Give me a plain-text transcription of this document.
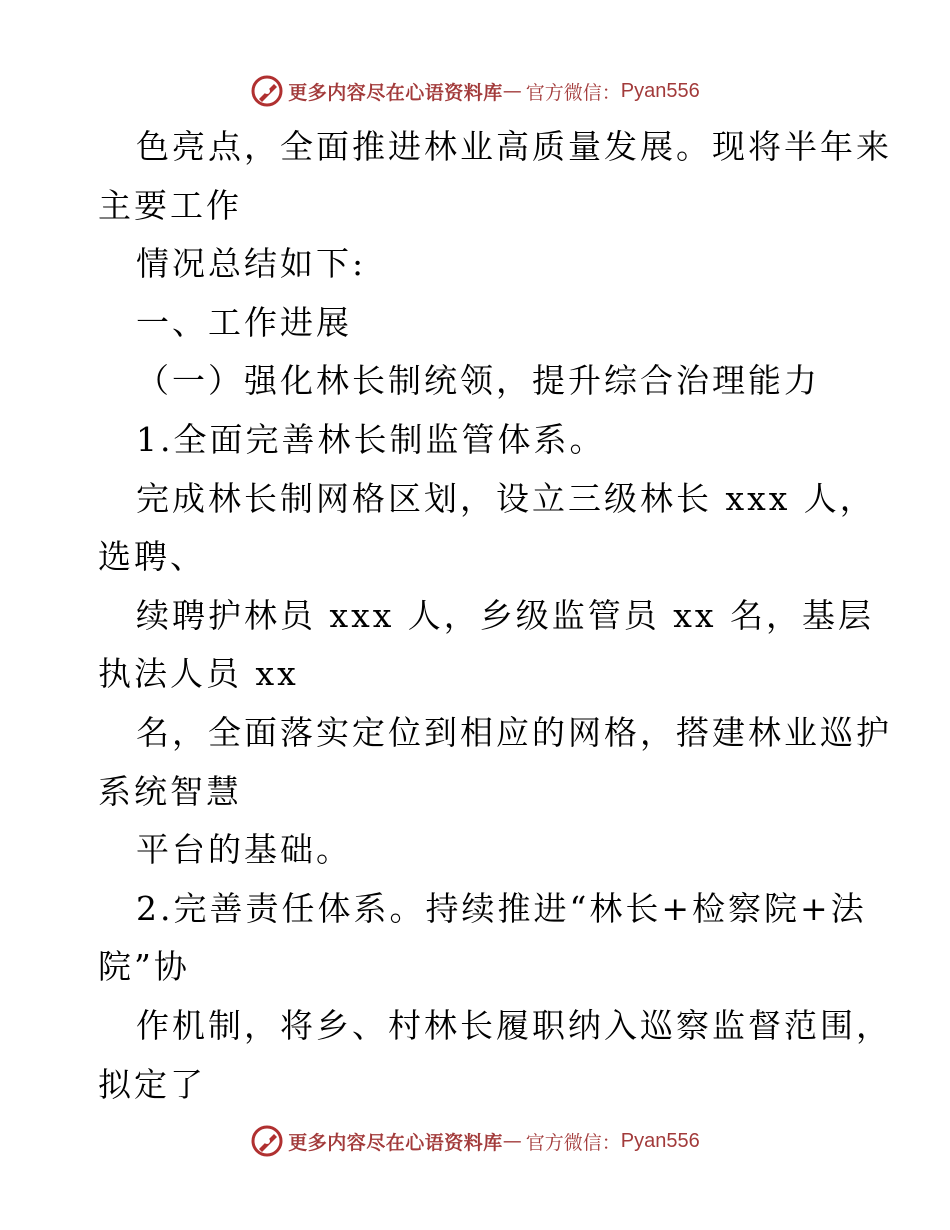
更多内容尽在心语资料库 — 官方微信： Pyan556
色亮点，全面推进林业高质量发展。现将半年来
主要工作
情况总结如下:
一、工作进展
（一）强化林长制统领，提升综合治理能力
1.全面完善林长制监管体系。
完成林长制网格区划，设立三级林长 xxx 人，
选聘、
续聘护林员 xxx 人，乡级监管员 xx 名，基层
执法人员 xx
名，全面落实定位到相应的网格，搭建林业巡护
系统智慧
平台的基础。
2.完善责任体系。持续推进“林长+检察院+法
院”协
作机制，将乡、村林长履职纳入巡察监督范围，
拟定了
更多内容尽在心语资料库 — 官方微信： Pyan556
